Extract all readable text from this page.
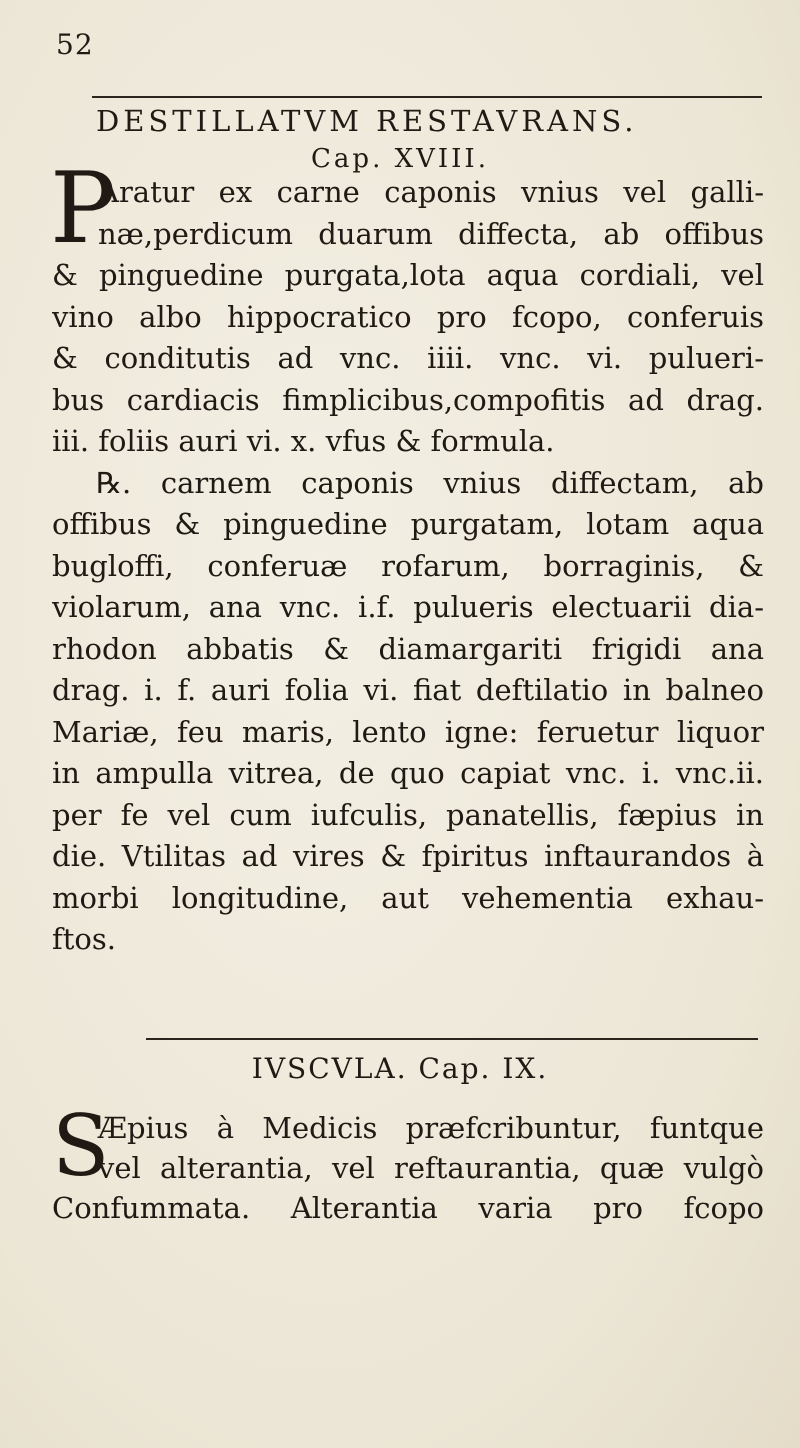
52
DESTILLATVM RESTAVRANS.
Cap. XVIII.
P
Aratur ex carne caponis vnius vel galli-
næ,perdicum duarum diffecta, ab offibus
& pinguedine purgata,lota aqua cordiali, vel
vino albo hippocratico pro fcopo, conferuis
& conditutis ad vnc. iiii. vnc. vi. pulueri-
bus cardiacis fimplicibus,compofitis ad drag.
iii. foliis auri vi. x. vfus & formula.
℞. carnem caponis vnius diffectam, ab
offibus & pinguedine purgatam, lotam aqua
bugloffi, conferuæ rofarum, borraginis, &
violarum, ana vnc. i.f. pulueris electuarii dia-
rhodon abbatis & diamargariti frigidi ana
drag. i. f. auri folia vi. fiat deftilatio in balneo
Mariæ, feu maris, lento igne: feruetur liquor
in ampulla vitrea, de quo capiat vnc. i. vnc.ii.
per fe vel cum iufculis, panatellis, fæpius in
die. Vtilitas ad vires & fpiritus inftaurandos à
morbi longitudine, aut vehementia exhau-
ftos.
IVSCVLA. Cap. IX.
S
Æpius à Medicis præfcribuntur, funtque
vel alterantia, vel reftaurantia, quæ vulgò
Confummata. Alterantia varia pro fcopo
